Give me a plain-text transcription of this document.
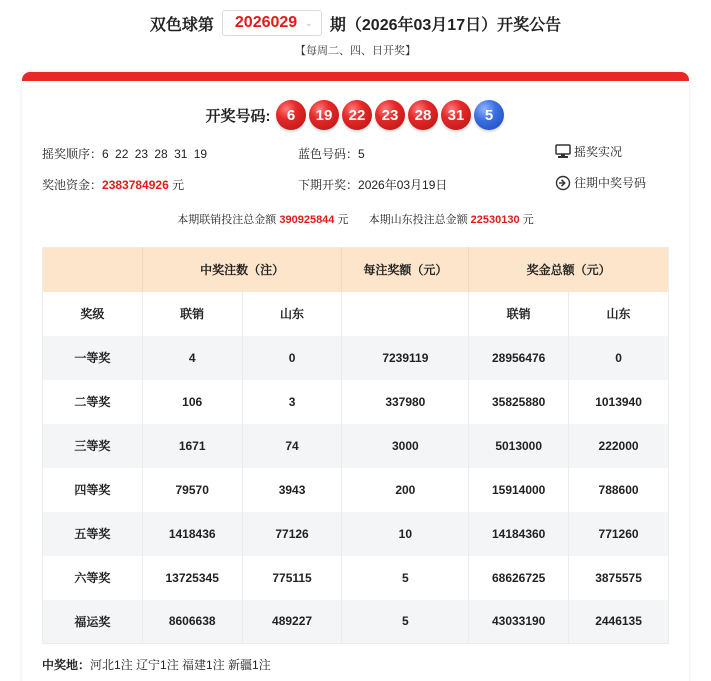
双色球第 2026029 ⌄ 期（2026年03月17日）开奖公告
【每周二、四、日开奖】
开奖号码:	6	19	22	23	28	31	5
摇奖顺序：6 22 23 28 31 19	蓝色号码：5	摇奖实况
奖池资金：2383784926 元	下期开奖：2026年03月19日	往期中奖号码
本期联销投注总金额 390925844 元 本期山东投注总金额 22530130 元
	中奖注数（注）		每注奖额（元）	奖金总额（元）	
奖级	联销	山东		联销	山东
一等奖	4	0	7239119	28956476	0
二等奖	106	3	337980	35825880	1013940
三等奖	1671	74	3000	5013000	222000
四等奖	79570	3943	200	15914000	788600
五等奖	1418436	77126	10	14184360	771260
六等奖	13725345	775115	5	68626725	3875575
福运奖	8606638	489227	5	43033190	2446135
中奖地：河北1注 辽宁1注 福建1注 新疆1注
